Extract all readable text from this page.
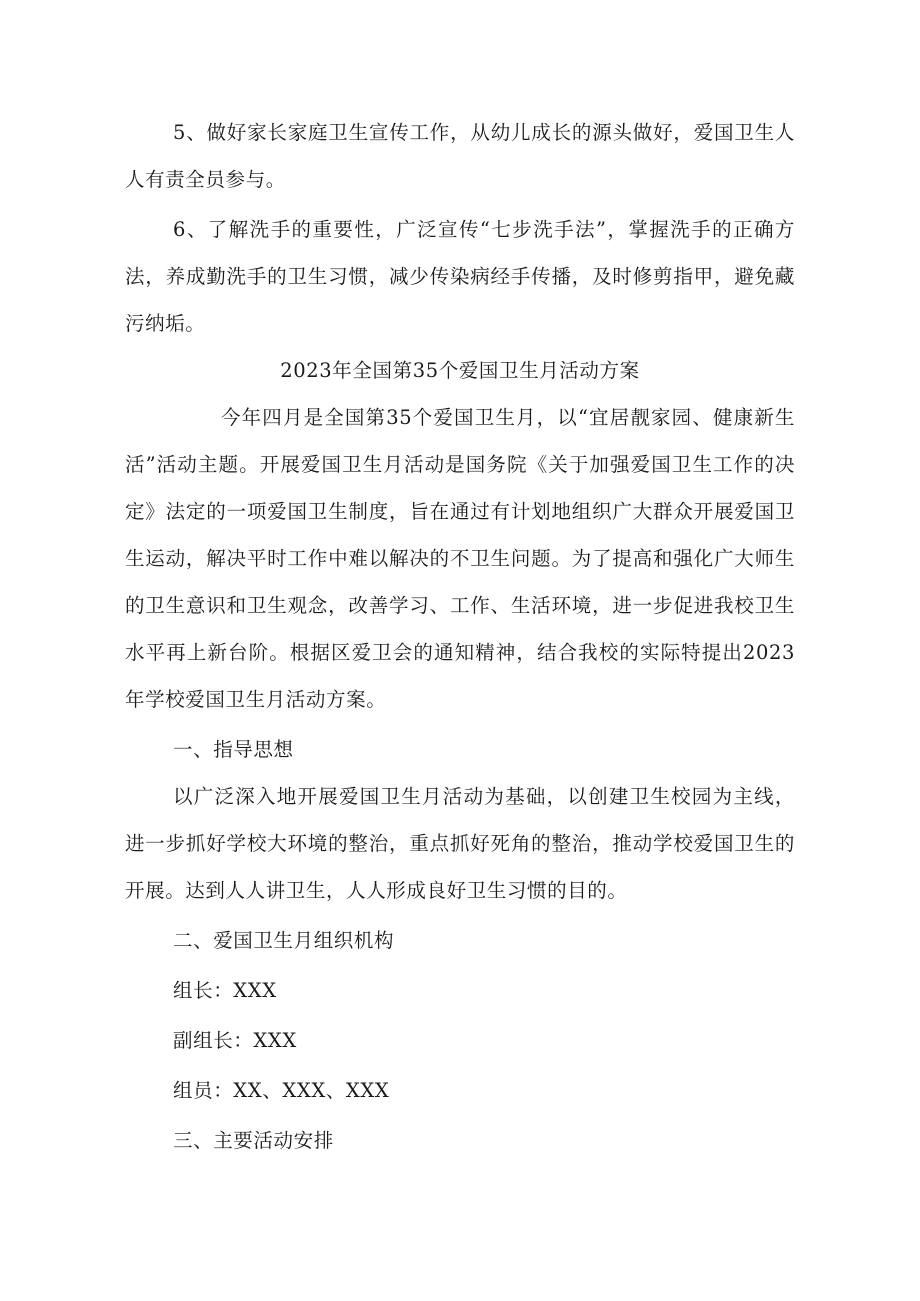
5、做好家长家庭卫生宣传工作，从幼儿成长的源头做好，爱国卫生人人有责全员参与。

6、了解洗手的重要性，广泛宣传“七步洗手法”，掌握洗手的正确方法，养成勤洗手的卫生习惯，减少传染病经手传播，及时修剪指甲，避免藏污纳垢。

2023年全国第35个爱国卫生月活动方案

今年四月是全国第35个爱国卫生月，以“宜居靓家园、健康新生活”活动主题。开展爱国卫生月活动是国务院《关于加强爱国卫生工作的决定》法定的一项爱国卫生制度，旨在通过有计划地组织广大群众开展爱国卫生运动，解决平时工作中难以解决的不卫生问题。为了提高和强化广大师生的卫生意识和卫生观念，改善学习、工作、生活环境，进一步促进我校卫生水平再上新台阶。根据区爱卫会的通知精神，结合我校的实际特提出2023年学校爱国卫生月活动方案。

一、指导思想

以广泛深入地开展爱国卫生月活动为基础，以创建卫生校园为主线，进一步抓好学校大环境的整治，重点抓好死角的整治，推动学校爱国卫生的开展。达到人人讲卫生，人人形成良好卫生习惯的目的。

二、爱国卫生月组织机构

组长：XXX

副组长：XXX

组员：XX、XXX、XXX

三、主要活动安排
